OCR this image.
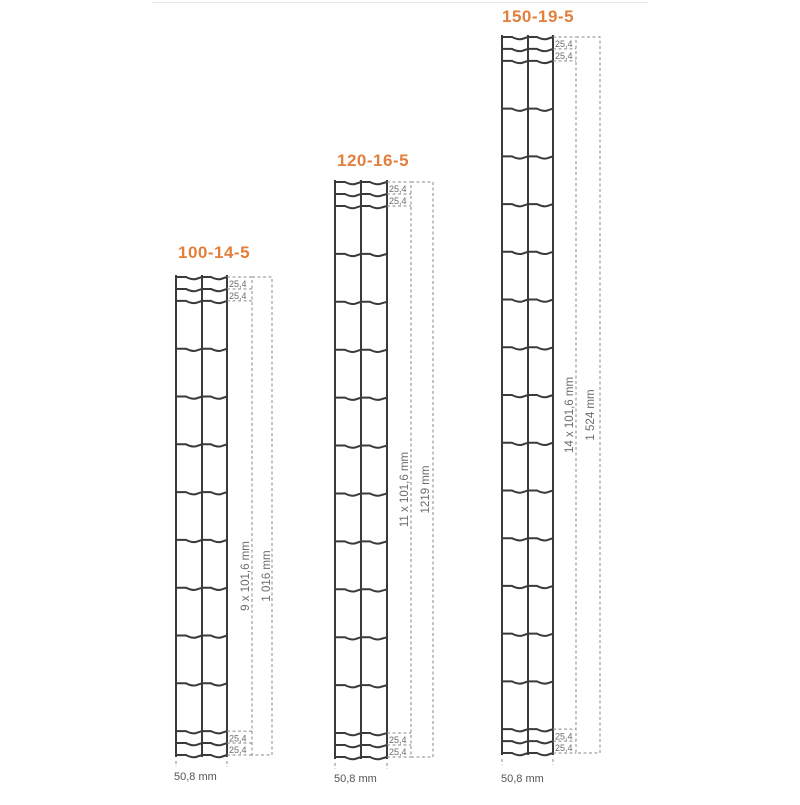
100-14-5
25,4
25,4
25,4
25,4
9 x 101,6 mm 1 016 mm
50,8 mm
120-16-5
25,4
25,4
25,4
25,4
11 x 101,6 mm 1219 mm
50,8 mm
150-19-5
25,4
25,4
25,4
25,4
14 x 101,6 mm 1 524 mm
50,8 mm
